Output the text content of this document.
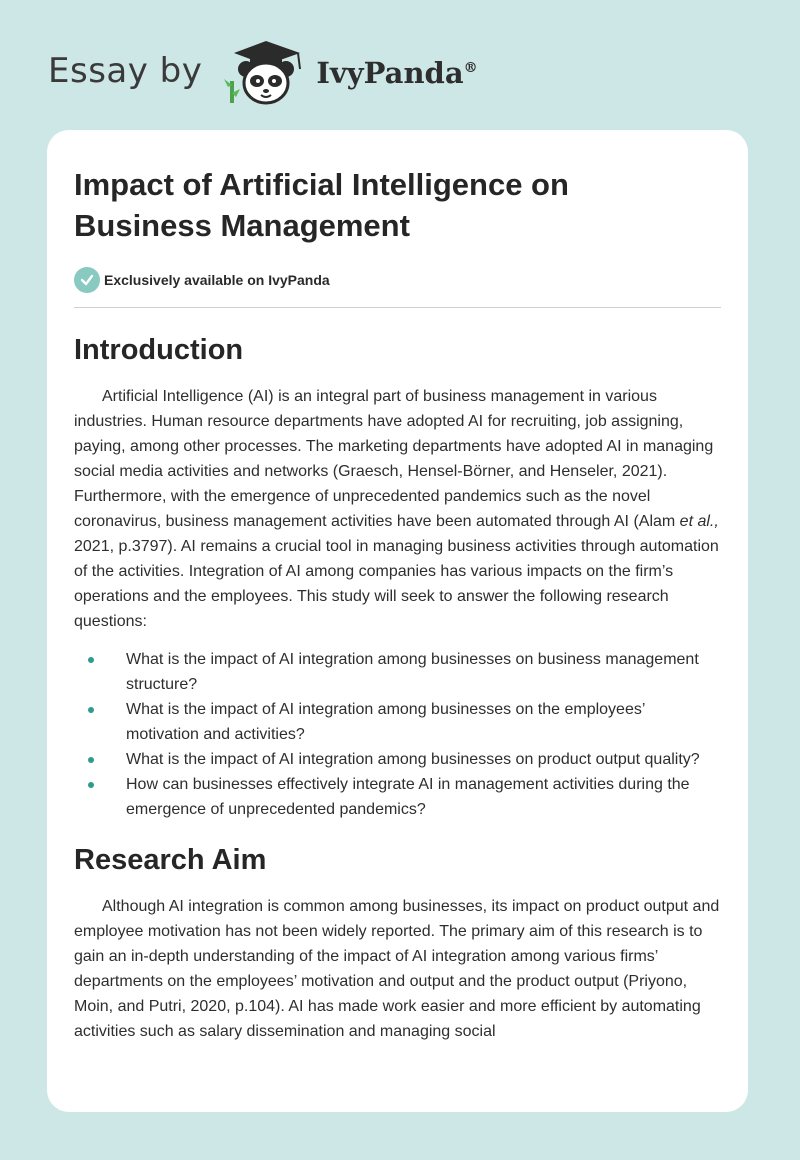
Essay by	IvyPanda®
Impact of Artificial Intelligence on Business Management
Exclusively available on IvyPanda
Introduction

Artificial Intelligence (AI) is an integral part of business management in various industries. Human resource departments have adopted AI for recruiting, job assigning, paying, among other processes. The marketing departments have adopted AI in managing social media activities and networks (Graesch, Hensel-Börner, and Henseler, 2021). Furthermore, with the emergence of unprecedented pandemics such as the novel coronavirus, business management activities have been automated through AI (Alam et al., 2021, p.3797). AI remains a crucial tool in managing business activities through automation of the activities. Integration of AI among companies has various impacts on the firm’s operations and the employees. This study will seek to answer the following research questions:

What is the impact of AI integration among businesses on business management structure?
What is the impact of AI integration among businesses on the employees’ motivation and activities?
What is the impact of AI integration among businesses on product output quality?
How can businesses effectively integrate AI in management activities during the emergence of unprecedented pandemics?
Research Aim

Although AI integration is common among businesses, its impact on product output and employee motivation has not been widely reported. The primary aim of this research is to gain an in-depth understanding of the impact of AI integration among various firms’ departments on the employees’ motivation and output and the product output (Priyono, Moin, and Putri, 2020, p.104). AI has made work easier and more efficient by automating activities such as salary dissemination and managing social
